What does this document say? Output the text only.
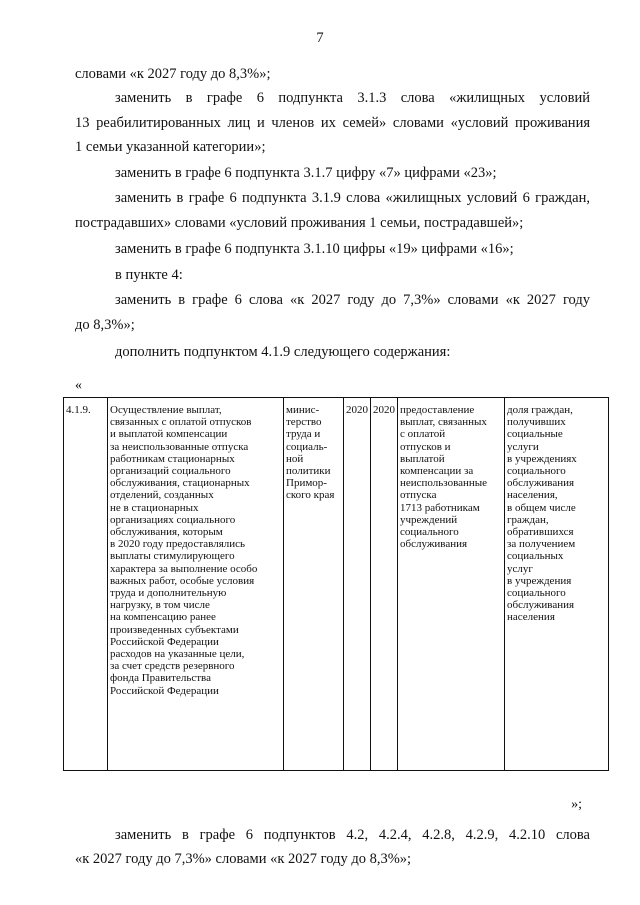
7
словами «к 2027 году до 8,3%»;
заменить в графе 6 подпункта 3.1.3 слова «жилищных условий
13 реабилитированных лиц и членов их семей» словами «условий проживания
1 семьи указанной категории»;
заменить в графе 6 подпункта 3.1.7 цифру «7» цифрами «23»;
заменить в графе 6 подпункта 3.1.9 слова «жилищных условий 6 граждан,
пострадавших» словами «условий проживания 1 семьи, пострадавшей»;
заменить в графе 6 подпункта 3.1.10 цифры «19» цифрами «16»;
в пункте 4:
заменить в графе 6 слова «к 2027 году до 7,3%» словами «к 2027 году
до 8,3%»;
дополнить подпунктом 4.1.9 следующего содержания:
«
4.1.9.	Осуществление выплат,
связанных с оплатой отпусков
и выплатой компенсации
за неиспользованные отпуска
работникам стационарных
организаций социального
обслуживания, стационарных
отделений, созданных
не в стационарных
организациях социального
обслуживания, которым
в 2020 году предоставлялись
выплаты стимулирующего
характера за выполнение особо
важных работ, особые условия
труда и дополнительную
нагрузку, в том числе
на компенсацию ранее
произведенных субъектами
Российской Федерации
расходов на указанные цели,
за счет средств резервного
фонда Правительства
Российской Федерации	минис-
терство
труда и
социаль-
ной
политики
Примор-
ского края	2020	2020	предоставление
выплат, связанных
с оплатой
отпусков и
выплатой
компенсации за
неиспользованные
отпуска
1713 работникам
учреждений
социального
обслуживания	доля граждан,
получивших
социальные
услуги
в учреждениях
социального
обслуживания
населения,
в общем числе
граждан,
обратившихся
за получением
социальных
услуг
в учреждения
социального
обслуживания
населения
»;
заменить в графе 6 подпунктов 4.2, 4.2.4, 4.2.8, 4.2.9, 4.2.10 слова
«к 2027 году до 7,3%» словами «к 2027 году до 8,3%»;
